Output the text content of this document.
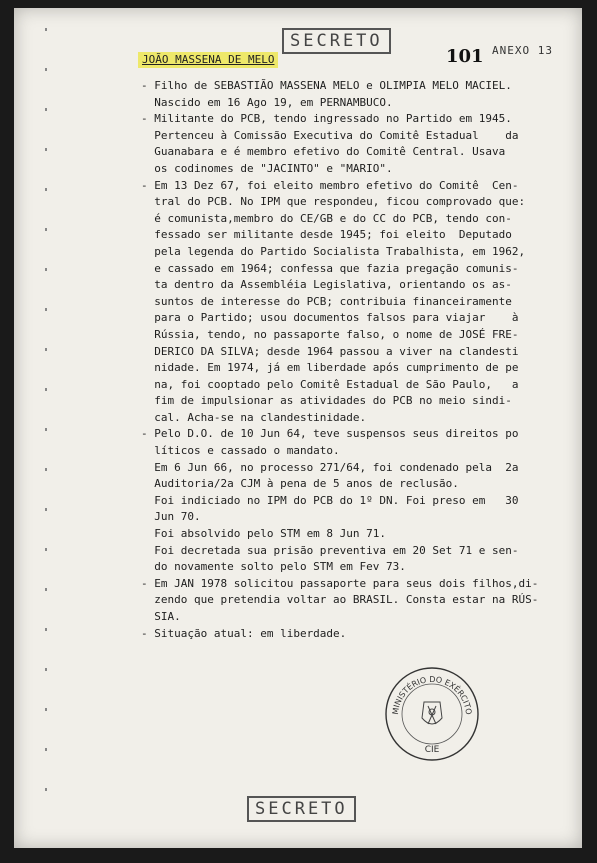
SECRETO
101 ANEXO 13
JOÃO MASSENA DE MELO
- Filho de SEBASTIÃO MASSENA MELO e OLIMPIA MELO MACIEL.
Nascido em 16 Ago 19, em PERNAMBUCO.
- Militante do PCB, tendo ingressado no Partido em 1945.
Pertenceu à Comissão Executiva do Comitê Estadual    da
Guanabara e é membro efetivo do Comitê Central. Usava
os codinomes de "JACINTO" e "MARIO".
- Em 13 Dez 67, foi eleito membro efetivo do Comitê  Cen-
tral do PCB. No IPM que respondeu, ficou comprovado que:
é comunista,membro do CE/GB e do CC do PCB, tendo con-
fessado ser militante desde 1945; foi eleito  Deputado
pela legenda do Partido Socialista Trabalhista, em 1962,
e cassado em 1964; confessa que fazia pregação comunis-
ta dentro da Assembléia Legislativa, orientando os as-
suntos de interesse do PCB; contribuia financeiramente
para o Partido; usou documentos falsos para viajar    à
Rússia, tendo, no passaporte falso, o nome de JOSÉ FRE-
DERICO DA SILVA; desde 1964 passou a viver na clandesti
nidade. Em 1974, já em liberdade após cumprimento de pe
na, foi cooptado pelo Comitê Estadual de São Paulo,   a
fim de impulsionar as atividades do PCB no meio sindi-
cal. Acha-se na clandestinidade.
- Pelo D.O. de 10 Jun 64, teve suspensos seus direitos po
líticos e cassado o mandato.
Em 6 Jun 66, no processo 271/64, foi condenado pela  2a
Auditoria/2a CJM à pena de 5 anos de reclusão.
Foi indiciado no IPM do PCB do 1º DN. Foi preso em   30
Jun 70.
Foi absolvido pelo STM em 8 Jun 71.
Foi decretada sua prisão preventiva em 20 Set 71 e sen-
do novamente solto pelo STM em Fev 73.
- Em JAN 1978 solicitou passaporte para seus dois filhos,di-
zendo que pretendia voltar ao BRASIL. Consta estar na RÚS-
SIA.
- Situação atual: em liberdade.
MINISTÉRIO DO EXÉRCITO
CIE
SECRETO
